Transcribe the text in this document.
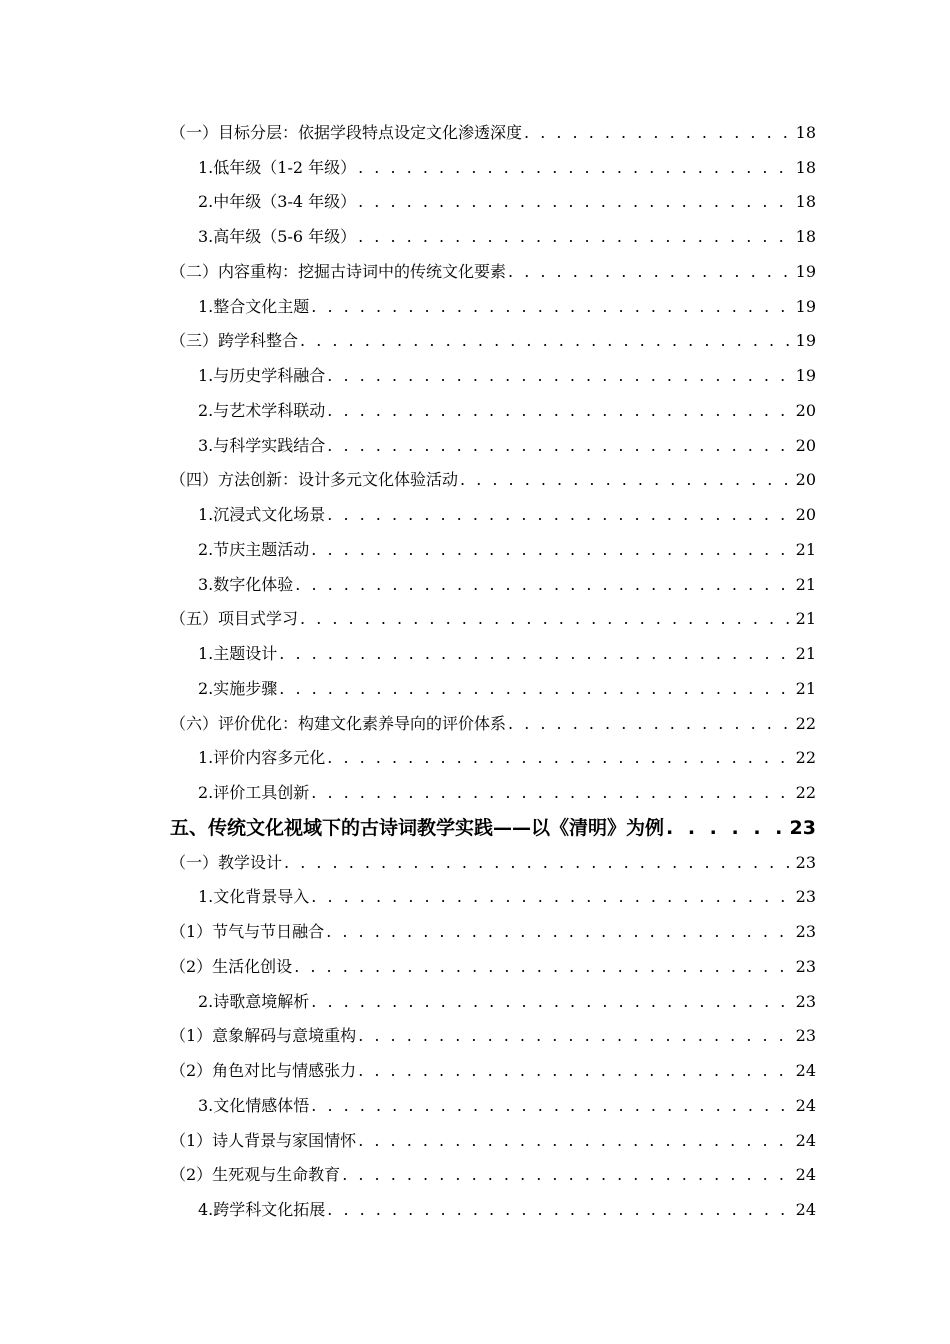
（一）目标分层：依据学段特点设定文化渗透深度 . . .	18
1.低年级（1-2 年级） . . .	18
2.中年级（3-4 年级） . . .	18
3.高年级（5-6 年级） . . .	18
（二）内容重构：挖掘古诗词中的传统文化要素 . . .	19
1.整合文化主题 . . .	19
（三）跨学科整合 . . .	19
1.与历史学科融合 . . .	19
2.与艺术学科联动 . . .	20
3.与科学实践结合 . . .	20
（四）方法创新：设计多元文化体验活动 . . .	20
1.沉浸式文化场景 . . .	20
2.节庆主题活动 . . .	21
3.数字化体验 . . .	21
（五）项目式学习 . . .	21
1.主题设计 . . .	21
2.实施步骤 . . .	21
（六）评价优化：构建文化素养导向的评价体系 . . .	22
1.评价内容多元化 . . .	22
2.评价工具创新 . . .	22
五、传统文化视域下的古诗词教学实践——以《清明》为例 . . .	23
（一）教学设计 . . .	23
1.文化背景导入 . . .	23
（1）节气与节日融合 . . .	23
（2）生活化创设 . . .	23
2.诗歌意境解析 . . .	23
（1）意象解码与意境重构 . . .	23
（2）角色对比与情感张力 . . .	24
3.文化情感体悟 . . .	24
（1）诗人背景与家国情怀 . . .	24
（2）生死观与生命教育 . . .	24
4.跨学科文化拓展 . . .	24
